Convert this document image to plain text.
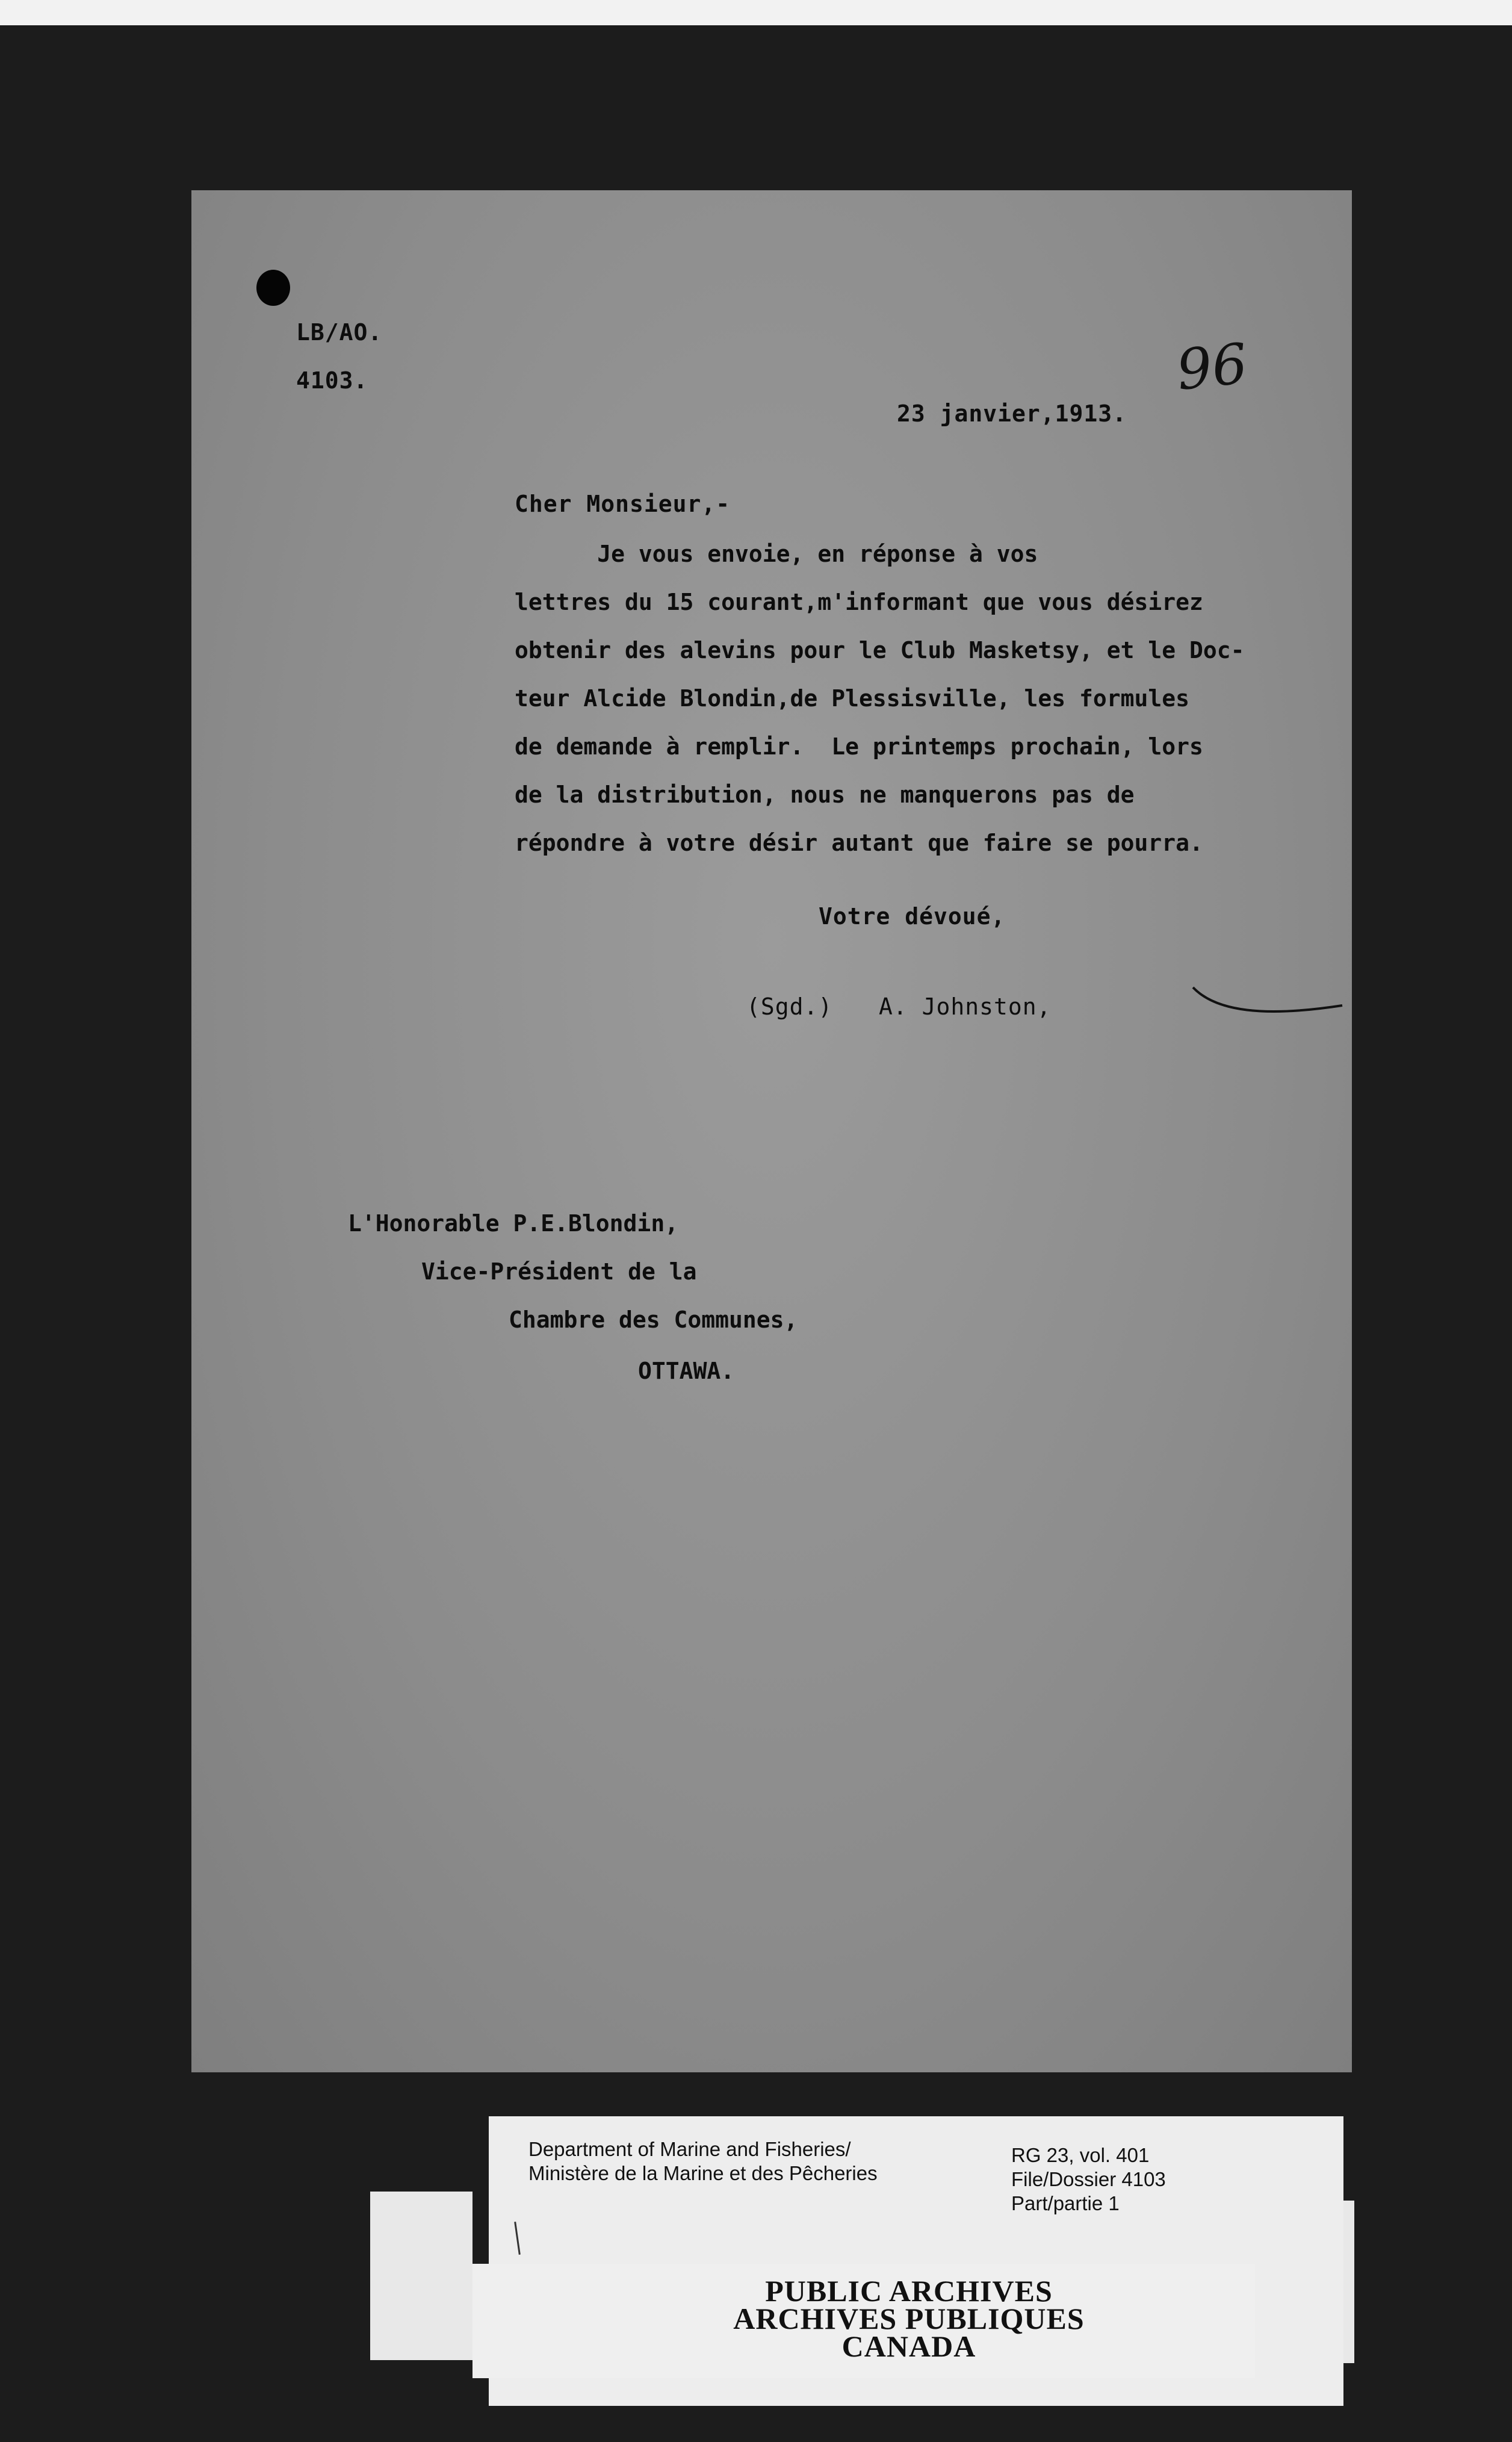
LB/AO.
4103.	96
23 janvier,1913.
Cher Monsieur,-
Je vous envoie, en réponse à vos
lettres du 15 courant,m'informant que vous désirez
obtenir des alevins pour le Club Masketsy, et le Doc-
teur Alcide Blondin,de Plessisville, les formules
de demande à remplir.  Le printemps prochain, lors
de la distribution, nous ne manquerons pas de
répondre à votre désir autant que faire se pourra.
Votre dévoué,
(Sgd.) A. Johnston,
L'Honorable P.E.Blondin,
Vice-Président de la
Chambre des Communes,
OTTAWA.
Department of Marine and Fisheries/
Ministère de la Marine et des Pêcheries
RG 23, vol. 401
File/Dossier 4103
Part/partie 1
PUBLIC ARCHIVES
ARCHIVES PUBLIQUES
CANADA
